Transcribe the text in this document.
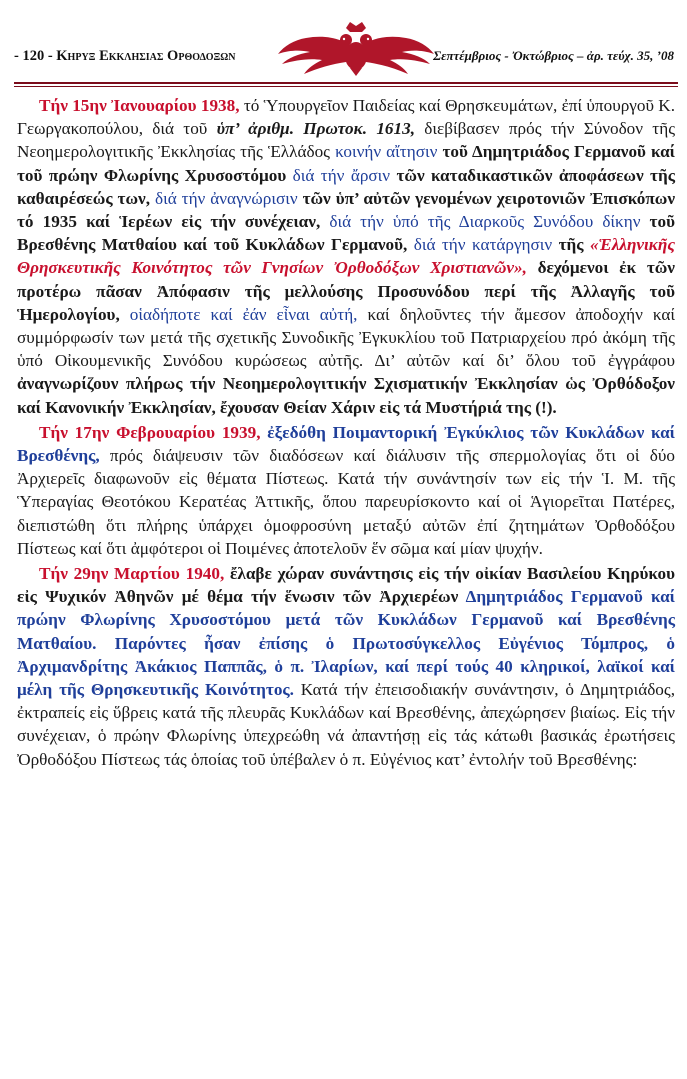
- 120 - Κηρυξ Εκκλησιας Ορθοδοξων	Σεπτέμβριος - Ὀκτώβριος – ἀρ. τεύχ. 35, ’08

Τήν 15ην Ἰανουαρίου 1938, τό Ὑπουργεῖον Παιδείας καί Θρησκευμάτων, ἐπί ὑπουργοῦ Κ. Γεωργακοπούλου, διά τοῦ ὑπ’ ἀριθμ. Πρωτοκ. 1613, διεβίβασεν πρός τήν Σύνοδον τῆς Νεοημερολογιτικῆς Ἐκκλησίας τῆς Ἑλλάδος κοινήν αἴτησιν τοῦ Δημητριάδος Γερμανοῦ καί τοῦ πρώην Φλωρίνης Χρυσοστόμου διά τήν ἄρσιν τῶν καταδικαστικῶν ἀποφάσεων τῆς καθαιρέσεώς των, διά τήν ἀναγνώρισιν τῶν ὑπ’ αὐτῶν γενομένων χειροτονιῶν Ἐπισκόπων τό 1935 καί Ἱερέων εἰς τήν συνέχειαν, διά τήν ὑπό τῆς Διαρκοῦς Συνόδου δίκην τοῦ Βρεσθένης Ματθαίου καί τοῦ Κυκλάδων Γερμανοῦ, διά τήν κατάργησιν τῆς «Ἑλληνικῆς Θρησκευτικῆς Κοινότητος τῶν Γνησίων Ὀρθοδόξων Χριστιανῶν», δεχόμενοι ἐκ τῶν προτέρω πᾶσαν Ἀπόφασιν τῆς μελλούσης Προσυνόδου περί τῆς Ἀλλαγῆς τοῦ Ἡμερολογίου, οἱαδήποτε καί ἐάν εἶναι αὐτή, καί δηλοῦντες τήν ἄμεσον ἀποδοχήν καί συμμόρφωσίν των μετά τῆς σχετικῆς Συνοδικῆς Ἐγκυκλίου τοῦ Πατριαρχείου πρό ἀκόμη τῆς ὑπό Οἰκουμενικῆς Συνόδου κυρώσεως αὐτῆς. Δι’ αὐτῶν καί δι’ ὅλου τοῦ ἐγγράφου ἀναγνωρίζουν πλήρως τήν Νεοημερολογιτικήν Σχισματικήν Ἐκκλησίαν ὡς Ὀρθόδοξον καί Κανονικήν Ἐκκλησίαν, ἔχουσαν Θείαν Χάριν εἰς τά Μυστήριά της (!).

Τήν 17ην Φεβρουαρίου 1939, ἐξεδόθη Ποιμαντορική Ἐγκύκλιος τῶν Κυκλάδων καί Βρεσθένης, πρός διάψευσιν τῶν διαδόσεων καί διάλυσιν τῆς σπερμολογίας ὅτι οἱ δύο Ἀρχιερεῖς διαφωνοῦν εἰς θέματα Πίστεως. Κατά τήν συνάντησίν των εἰς τήν Ἱ. Μ. τῆς Ὑπεραγίας Θεοτόκου Κερατέας Ἀττικῆς, ὅπου παρευρίσκοντο καί οἱ Ἁγιορεῖται Πατέρες, διεπιστώθη ὅτι πλήρης ὑπάρχει ὁμοφροσύνη μεταξύ αὐτῶν ἐπί ζητημάτων Ὀρθοδόξου Πίστεως καί ὅτι ἀμφότεροι οἱ Ποιμένες ἀποτελοῦν ἕν σῶμα καί μίαν ψυχήν.

Τήν 29ην Μαρτίου 1940, ἔλαβε χώραν συνάντησις εἰς τήν οἰκίαν Βασιλείου Κηρύκου εἰς Ψυχικόν Ἀθηνῶν μέ θέμα τήν ἕνωσιν τῶν Ἀρχιερέων Δημητριάδος Γερμανοῦ καί πρώην Φλωρίνης Χρυσοστόμου μετά τῶν Κυκλάδων Γερμανοῦ καί Βρεσθένης Ματθαίου. Παρόντες ἦσαν ἐπίσης ὁ Πρωτοσύγκελλος Εὐγένιος Τόμπρος, ὁ Ἀρχιμανδρίτης Ἀκάκιος Παππᾶς, ὁ π. Ἰλαρίων, καί περί τούς 40 κληρικοί, λαϊκοί καί μέλη τῆς Θρησκευτικῆς Κοινότητος. Κατά τήν ἐπεισοδιακήν συνάντησιν, ὁ Δημητριάδος, ἐκτραπείς εἰς ὕβρεις κατά τῆς πλευρᾶς Κυκλάδων καί Βρεσθένης, ἀπεχώρησεν βιαίως. Εἰς τήν συνέχειαν, ὁ πρώην Φλωρίνης ὑπεχρεώθη νά ἀπαντήσῃ εἰς τάς κάτωθι βασικάς ἐρωτήσεις Ὀρθοδόξου Πίστεως τάς ὁποίας τοῦ ὑπέβαλεν ὁ π. Εὐγένιος κατ’ ἐντολήν τοῦ Βρεσθένης:
